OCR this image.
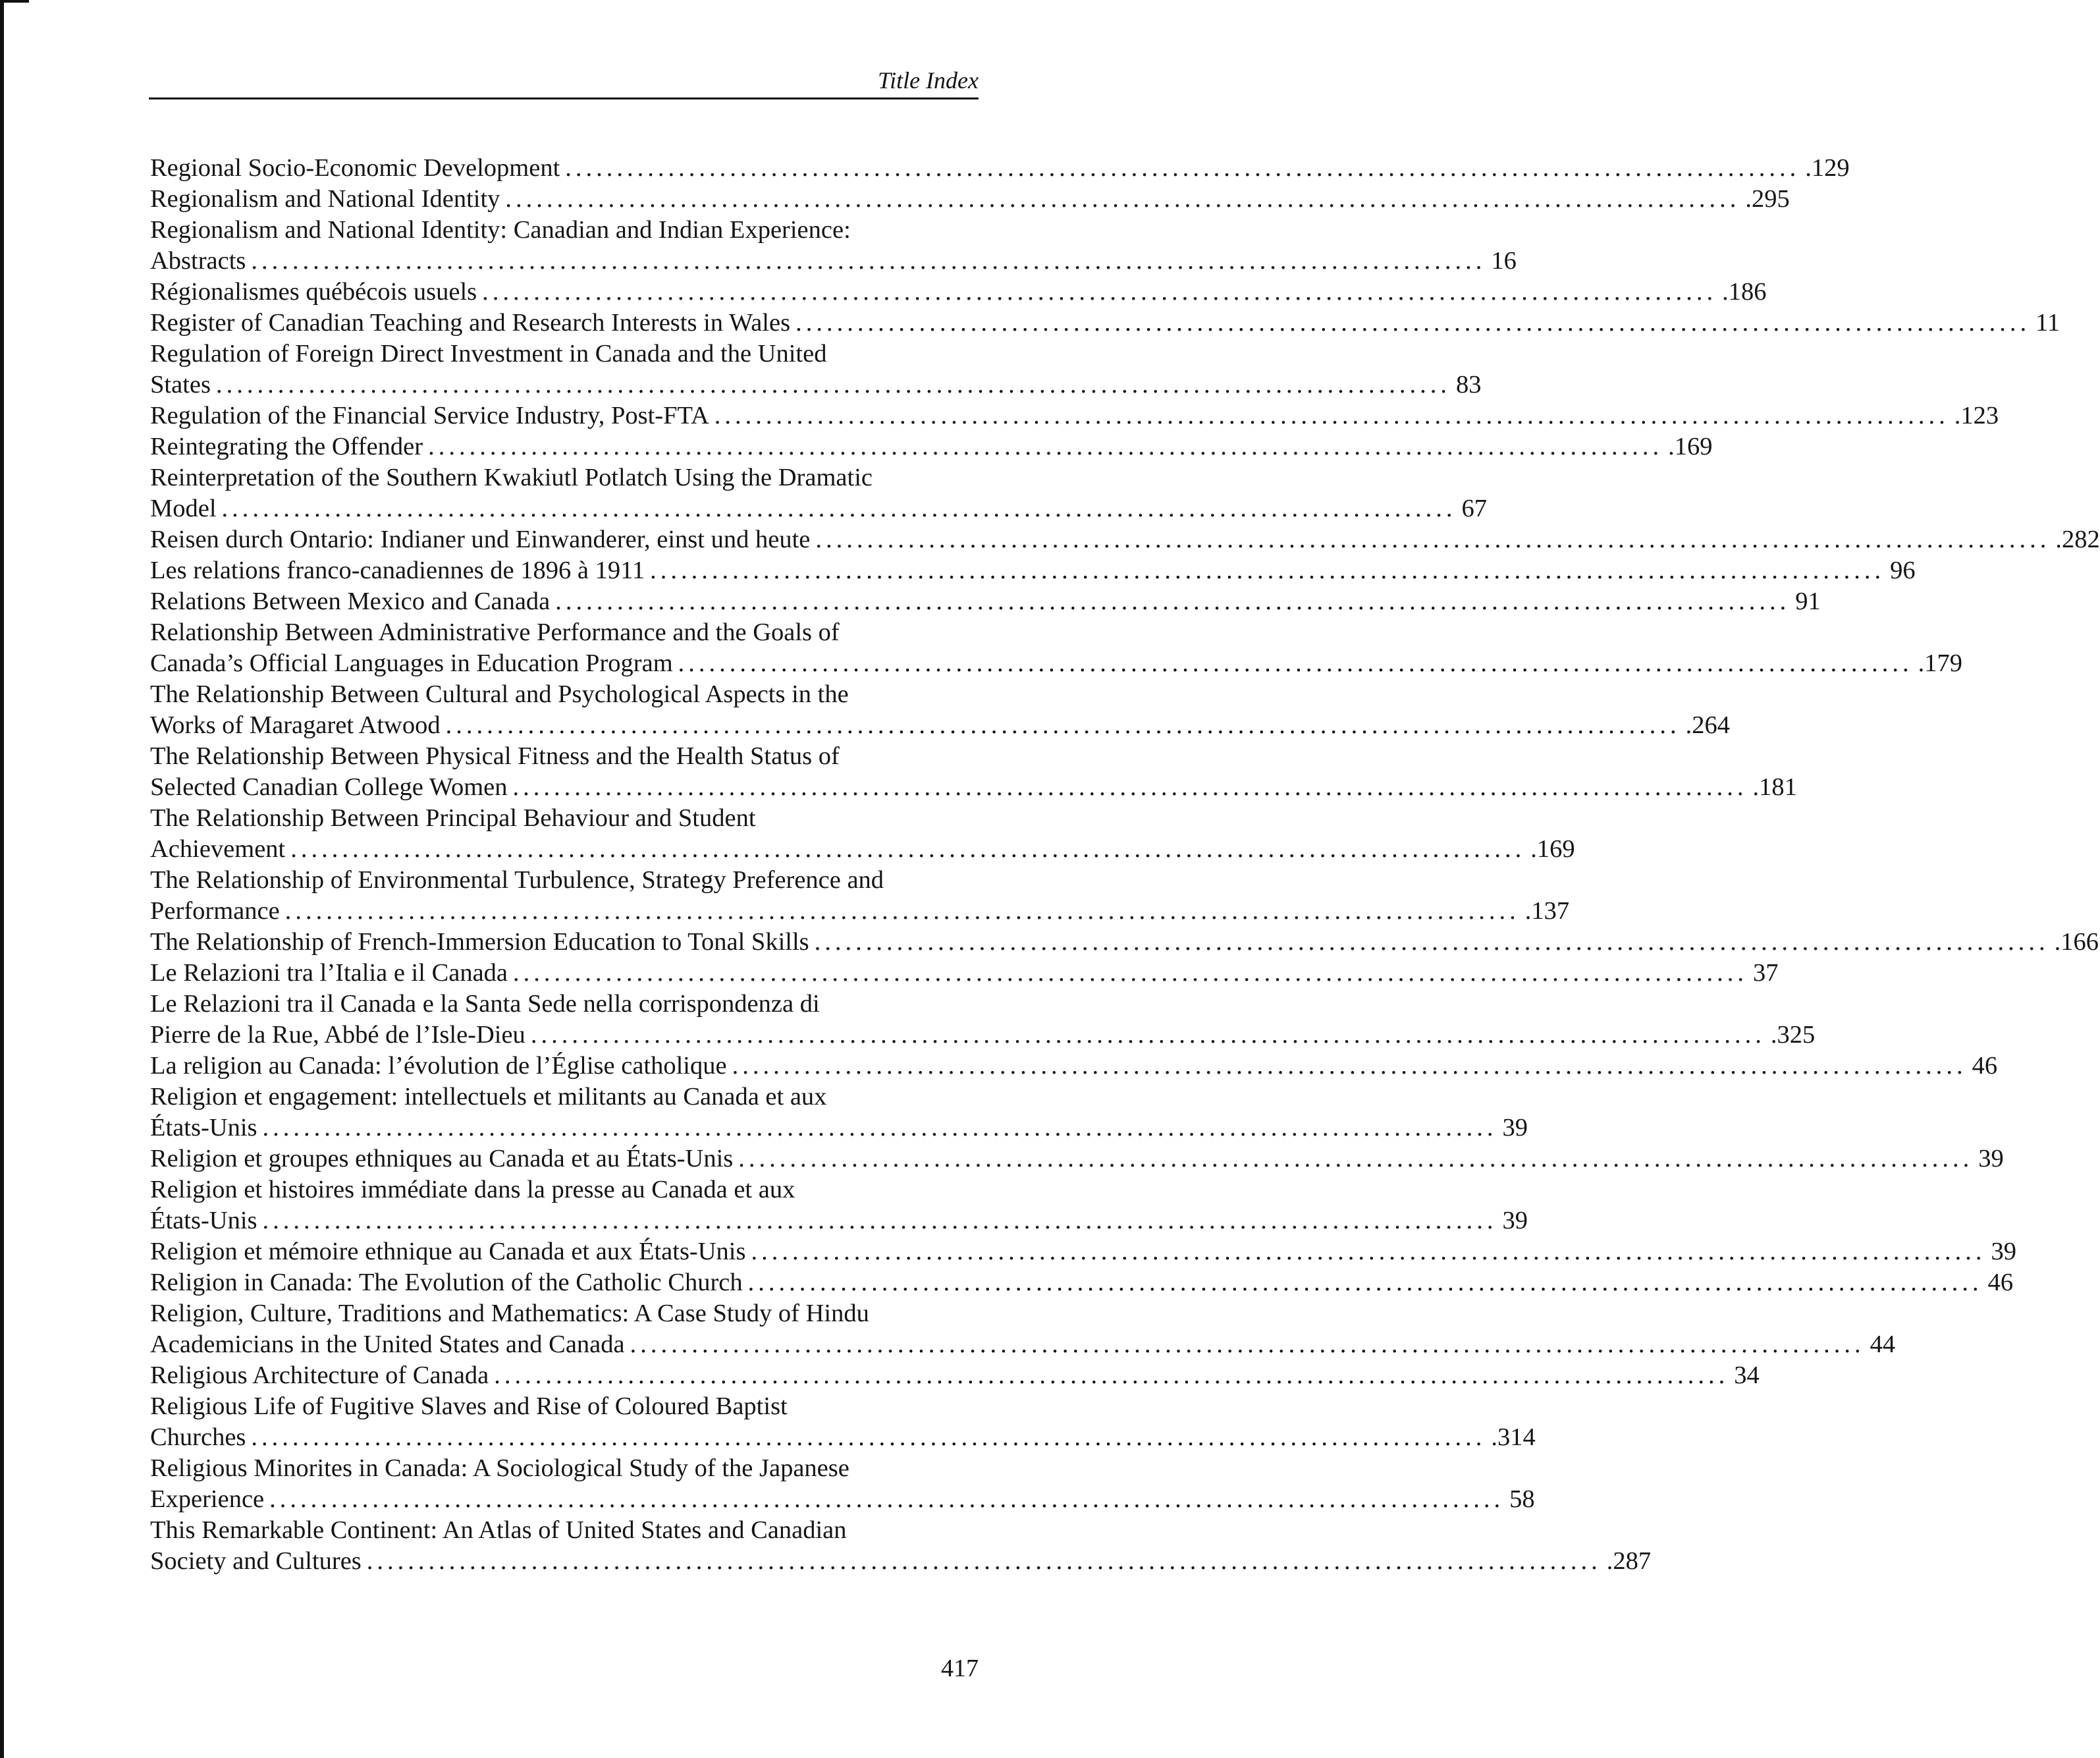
Title Index
Regional Socio-Economic Development ........................................................................................................................ .129
Regionalism and National Identity ........................................................................................................................ .295
Regionalism and National Identity: Canadian and Indian Experience:
Abstracts ........................................................................................................................ 16
Régionalismes québécois usuels ........................................................................................................................ .186
Register of Canadian Teaching and Research Interests in Wales ........................................................................................................................ 11
Regulation of Foreign Direct Investment in Canada and the United
States ........................................................................................................................ 83
Regulation of the Financial Service Industry, Post-FTA ........................................................................................................................ .123
Reintegrating the Offender ........................................................................................................................ .169
Reinterpretation of the Southern Kwakiutl Potlatch Using the Dramatic
Model ........................................................................................................................ 67
Reisen durch Ontario: Indianer und Einwanderer, einst und heute ........................................................................................................................ .282
Les relations franco-canadiennes de 1896 à 1911 ........................................................................................................................ 96
Relations Between Mexico and Canada ........................................................................................................................ 91
Relationship Between Administrative Performance and the Goals of
Canada’s Official Languages in Education Program ........................................................................................................................ .179
The Relationship Between Cultural and Psychological Aspects in the
Works of Maragaret Atwood ........................................................................................................................ .264
The Relationship Between Physical Fitness and the Health Status of
Selected Canadian College Women ........................................................................................................................ .181
The Relationship Between Principal Behaviour and Student
Achievement ........................................................................................................................ .169
The Relationship of Environmental Turbulence, Strategy Preference and
Performance ........................................................................................................................ .137
The Relationship of French-Immersion Education to Tonal Skills ........................................................................................................................ .166
Le Relazioni tra l’Italia e il Canada ........................................................................................................................ 37
Le Relazioni tra il Canada e la Santa Sede nella corrispondenza di
Pierre de la Rue, Abbé de l’Isle-Dieu ........................................................................................................................ .325
La religion au Canada: l’évolution de l’Église catholique ........................................................................................................................ 46
Religion et engagement: intellectuels et militants au Canada et aux
États-Unis ........................................................................................................................ 39
Religion et groupes ethniques au Canada et au États-Unis ........................................................................................................................ 39
Religion et histoires immédiate dans la presse au Canada et aux
États-Unis ........................................................................................................................ 39
Religion et mémoire ethnique au Canada et aux États-Unis ........................................................................................................................ 39
Religion in Canada: The Evolution of the Catholic Church ........................................................................................................................ 46
Religion, Culture, Traditions and Mathematics: A Case Study of Hindu
Academicians in the United States and Canada ........................................................................................................................ 44
Religious Architecture of Canada ........................................................................................................................ 34
Religious Life of Fugitive Slaves and Rise of Coloured Baptist
Churches ........................................................................................................................ .314
Religious Minorites in Canada: A Sociological Study of the Japanese
Experience ........................................................................................................................ 58
This Remarkable Continent: An Atlas of United States and Canadian
Society and Cultures ........................................................................................................................ .287
417
